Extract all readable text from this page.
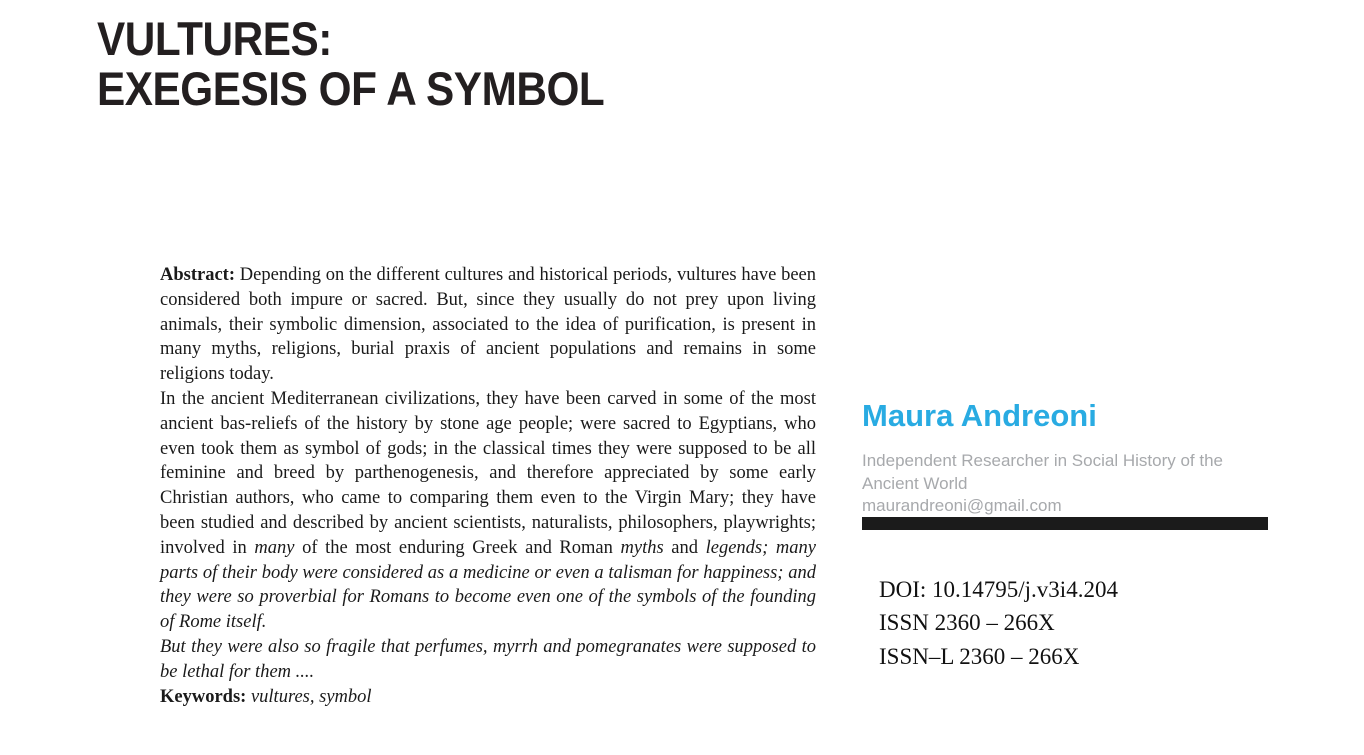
VULTURES:
EXEGESIS OF A SYMBOL
Abstract: Depending on the different cultures and historical periods, vultures have been considered both impure or sacred. But, since they usually do not prey upon living animals, their symbolic dimension, associated to the idea of purification, is present in many myths, religions, burial praxis of ancient populations and remains in some religions today.
In the ancient Mediterranean civilizations, they have been carved in some of the most ancient bas-reliefs of the history by stone age people; were sacred to Egyptians, who even took them as symbol of gods; in the classical times they were supposed to be all feminine and breed by parthenogenesis, and therefore appreciated by some early Christian authors, who came to comparing them even to the Virgin Mary; they have been studied and described by ancient scientists, naturalists, philosophers, playwrights; involved in many of the most enduring Greek and Roman myths and legends; many parts of their body were considered as a medicine or even a talisman for happiness; and they were so proverbial for Romans to become even one of the symbols of the founding of Rome itself.
But they were also so fragile that perfumes, myrrh and pomegranates were supposed to be lethal for them ....
Keywords: vultures, symbol
Maura Andreoni
Independent Researcher in Social History of the Ancient World
maurandreoni@gmail.com
DOI: 10.14795/j.v3i4.204
ISSN 2360 – 266X
ISSN–L 2360 – 266X
